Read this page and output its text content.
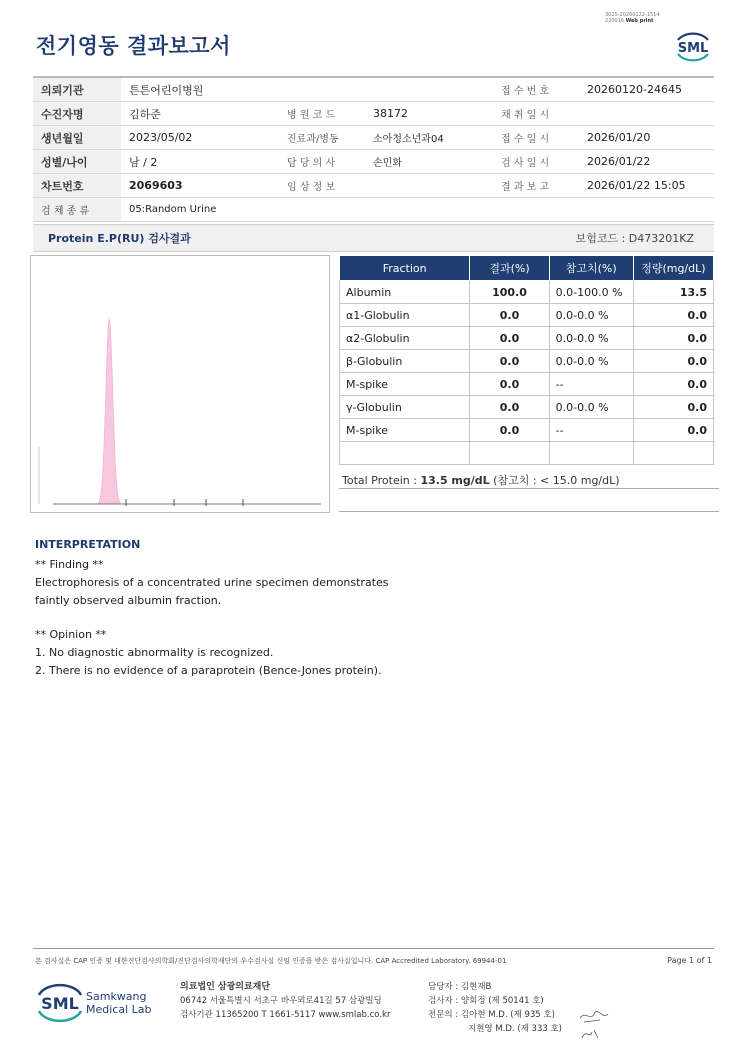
전기영동 결과보고서
3025-20260122-1514
220016 Web print
SML
의뢰기관	튼튼어린이병원			접 수 번 호	20260120-24645
수진자명	김하준	병 원 코 드	38172	채 취 일 시	
생년월일	2023/05/02	진료과/병동	소아청소년과04	접 수 일 시	2026/01/20
성별/나이	남 / 2	담 당 의 사	손민화	검 사 일 시	2026/01/22
차트번호	2069603	임 상 정 보		결 과 보 고	2026/01/22 15:05
검 체 종 류	05:Random Urine				
Protein E.P(RU) 검사결과	보험코드 : D473201KZ
Fraction	결과(%)	참고치(%)	정량(mg/dL)
Albumin	100.0	0.0-100.0 %	13.5
α1-Globulin	0.0	0.0-0.0 %	0.0
α2-Globulin	0.0	0.0-0.0 %	0.0
β-Globulin	0.0	0.0-0.0 %	0.0
M-spike	0.0	--	0.0
γ-Globulin	0.0	0.0-0.0 %	0.0
M-spike	0.0	--	0.0

Total Protein : 13.5 mg/dL (참고치 : < 15.0 mg/dL)
INTERPRETATION
** Finding **
Electrophoresis of a concentrated urine specimen demonstrates
faintly observed albumin fraction.
** Opinion **
1. No diagnostic abnormality is recognized.
2. There is no evidence of a paraprotein (Bence-Jones protein).
본 검사실은 CAP 인증 및 대한진단검사의학회/진단검사의학재단의 우수검사실 신임 인증을 받은 검사실입니다. CAP Accredited Laboratory. 69944-01	Page 1 of 1
SML Samkwang
Medical Lab
의료법인 삼광의료재단
06742 서울특별시 서초구 바우뫼로41길 57 삼광빌딩
검사기관 11365200 T 1661-5117 www.smlab.co.kr
담당자 : 김현재B
검사자 : 양회정 (제 50141 호)
전문의 : 김아현 M.D. (제 935 호)
지현영 M.D. (제 333 호)
